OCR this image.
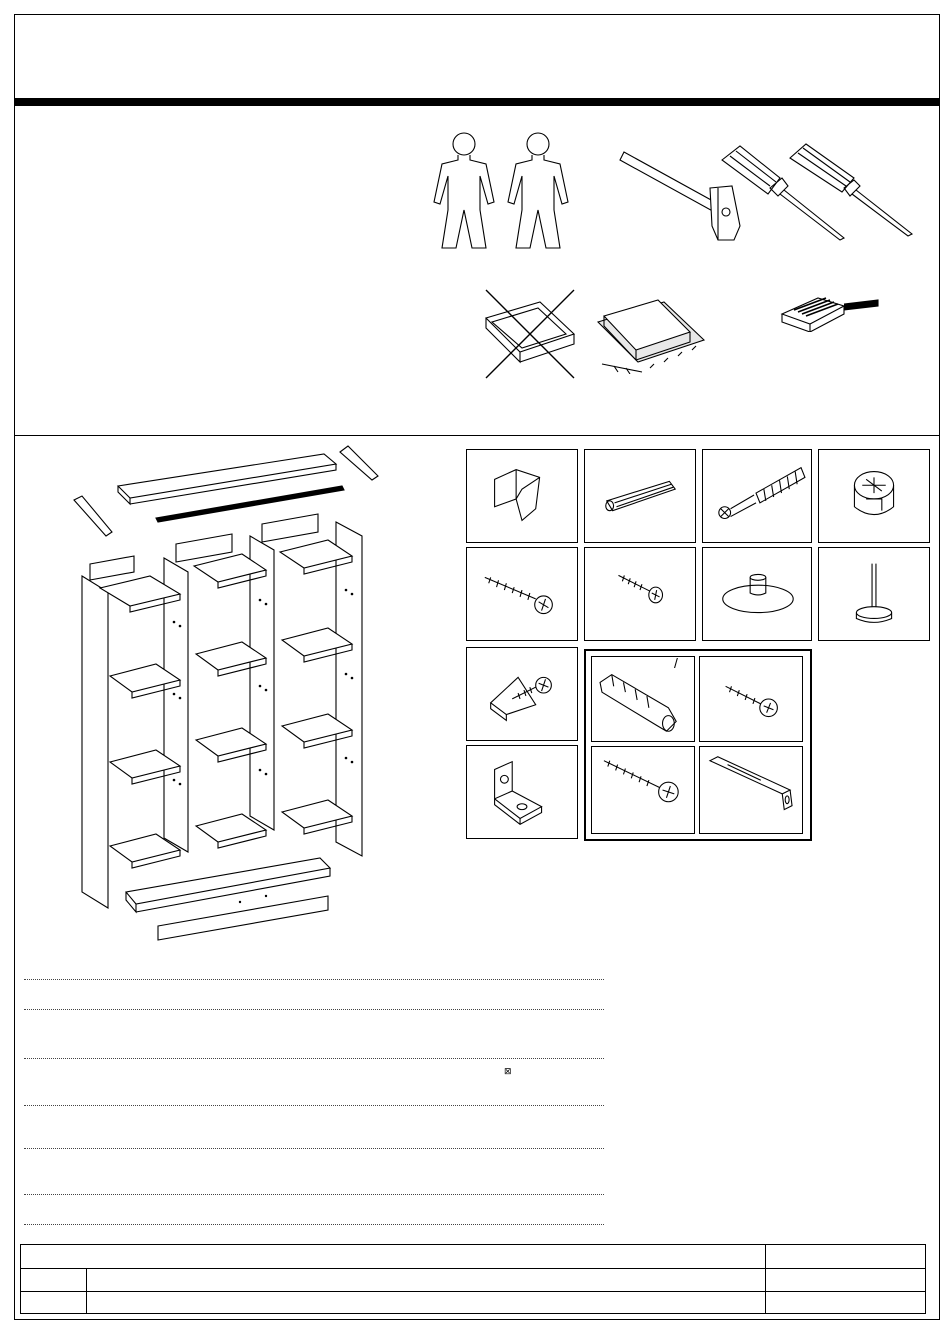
/
⊠
